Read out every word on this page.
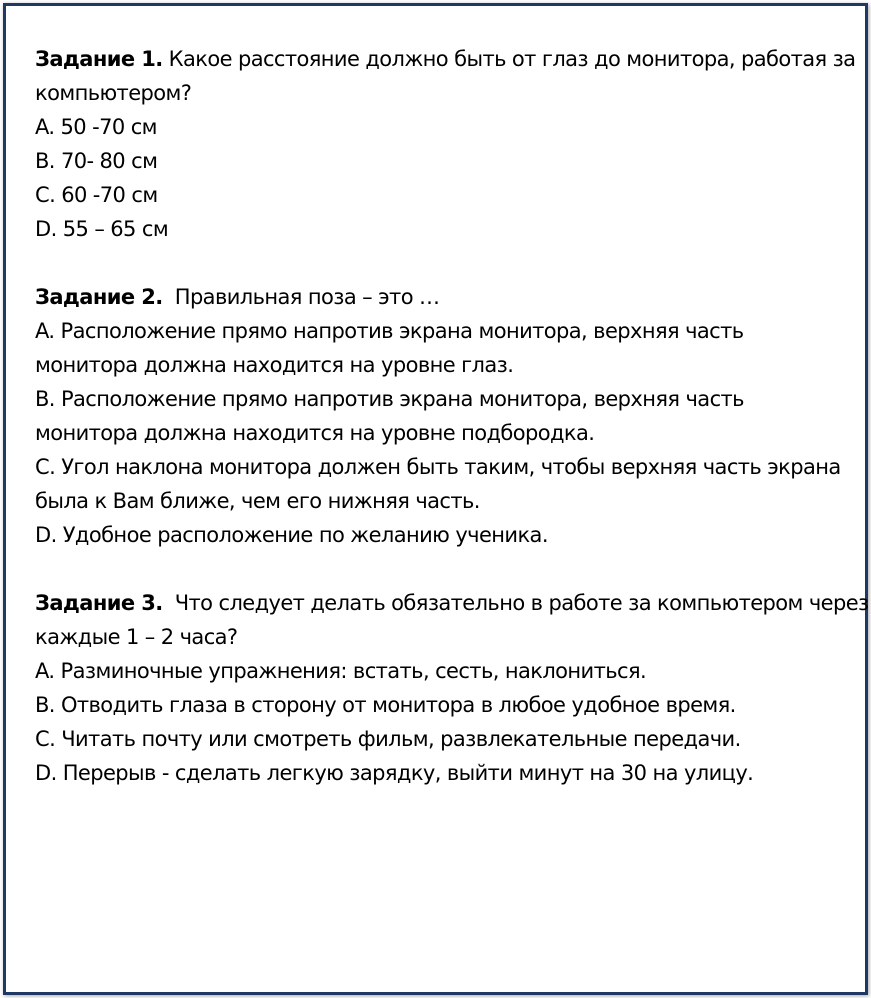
Задание 1. Какое расстояние должно быть от глаз до монитора, работая за
компьютером?
A. 50 -70 см
B. 70- 80 см
C. 60 -70 см
D. 55 – 65 см
Задание 2. Правильная поза – это …
A. Расположение прямо напротив экрана монитора, верхняя часть
монитора должна находится на уровне глаз.
B. Расположение прямо напротив экрана монитора, верхняя часть
монитора должна находится на уровне подбородка.
C. Угол наклона монитора должен быть таким, чтобы верхняя часть экрана
была к Вам ближе, чем его нижняя часть.
D. Удобное расположение по желанию ученика.
Задание 3. Что следует делать обязательно в работе за компьютером через
каждые 1 – 2 часа?
A. Разминочные упражнения: встать, сесть, наклониться.
B. Отводить глаза в сторону от монитора в любое удобное время.
C. Читать почту или смотреть фильм, развлекательные передачи.
D. Перерыв - сделать легкую зарядку, выйти минут на 30 на улицу.
